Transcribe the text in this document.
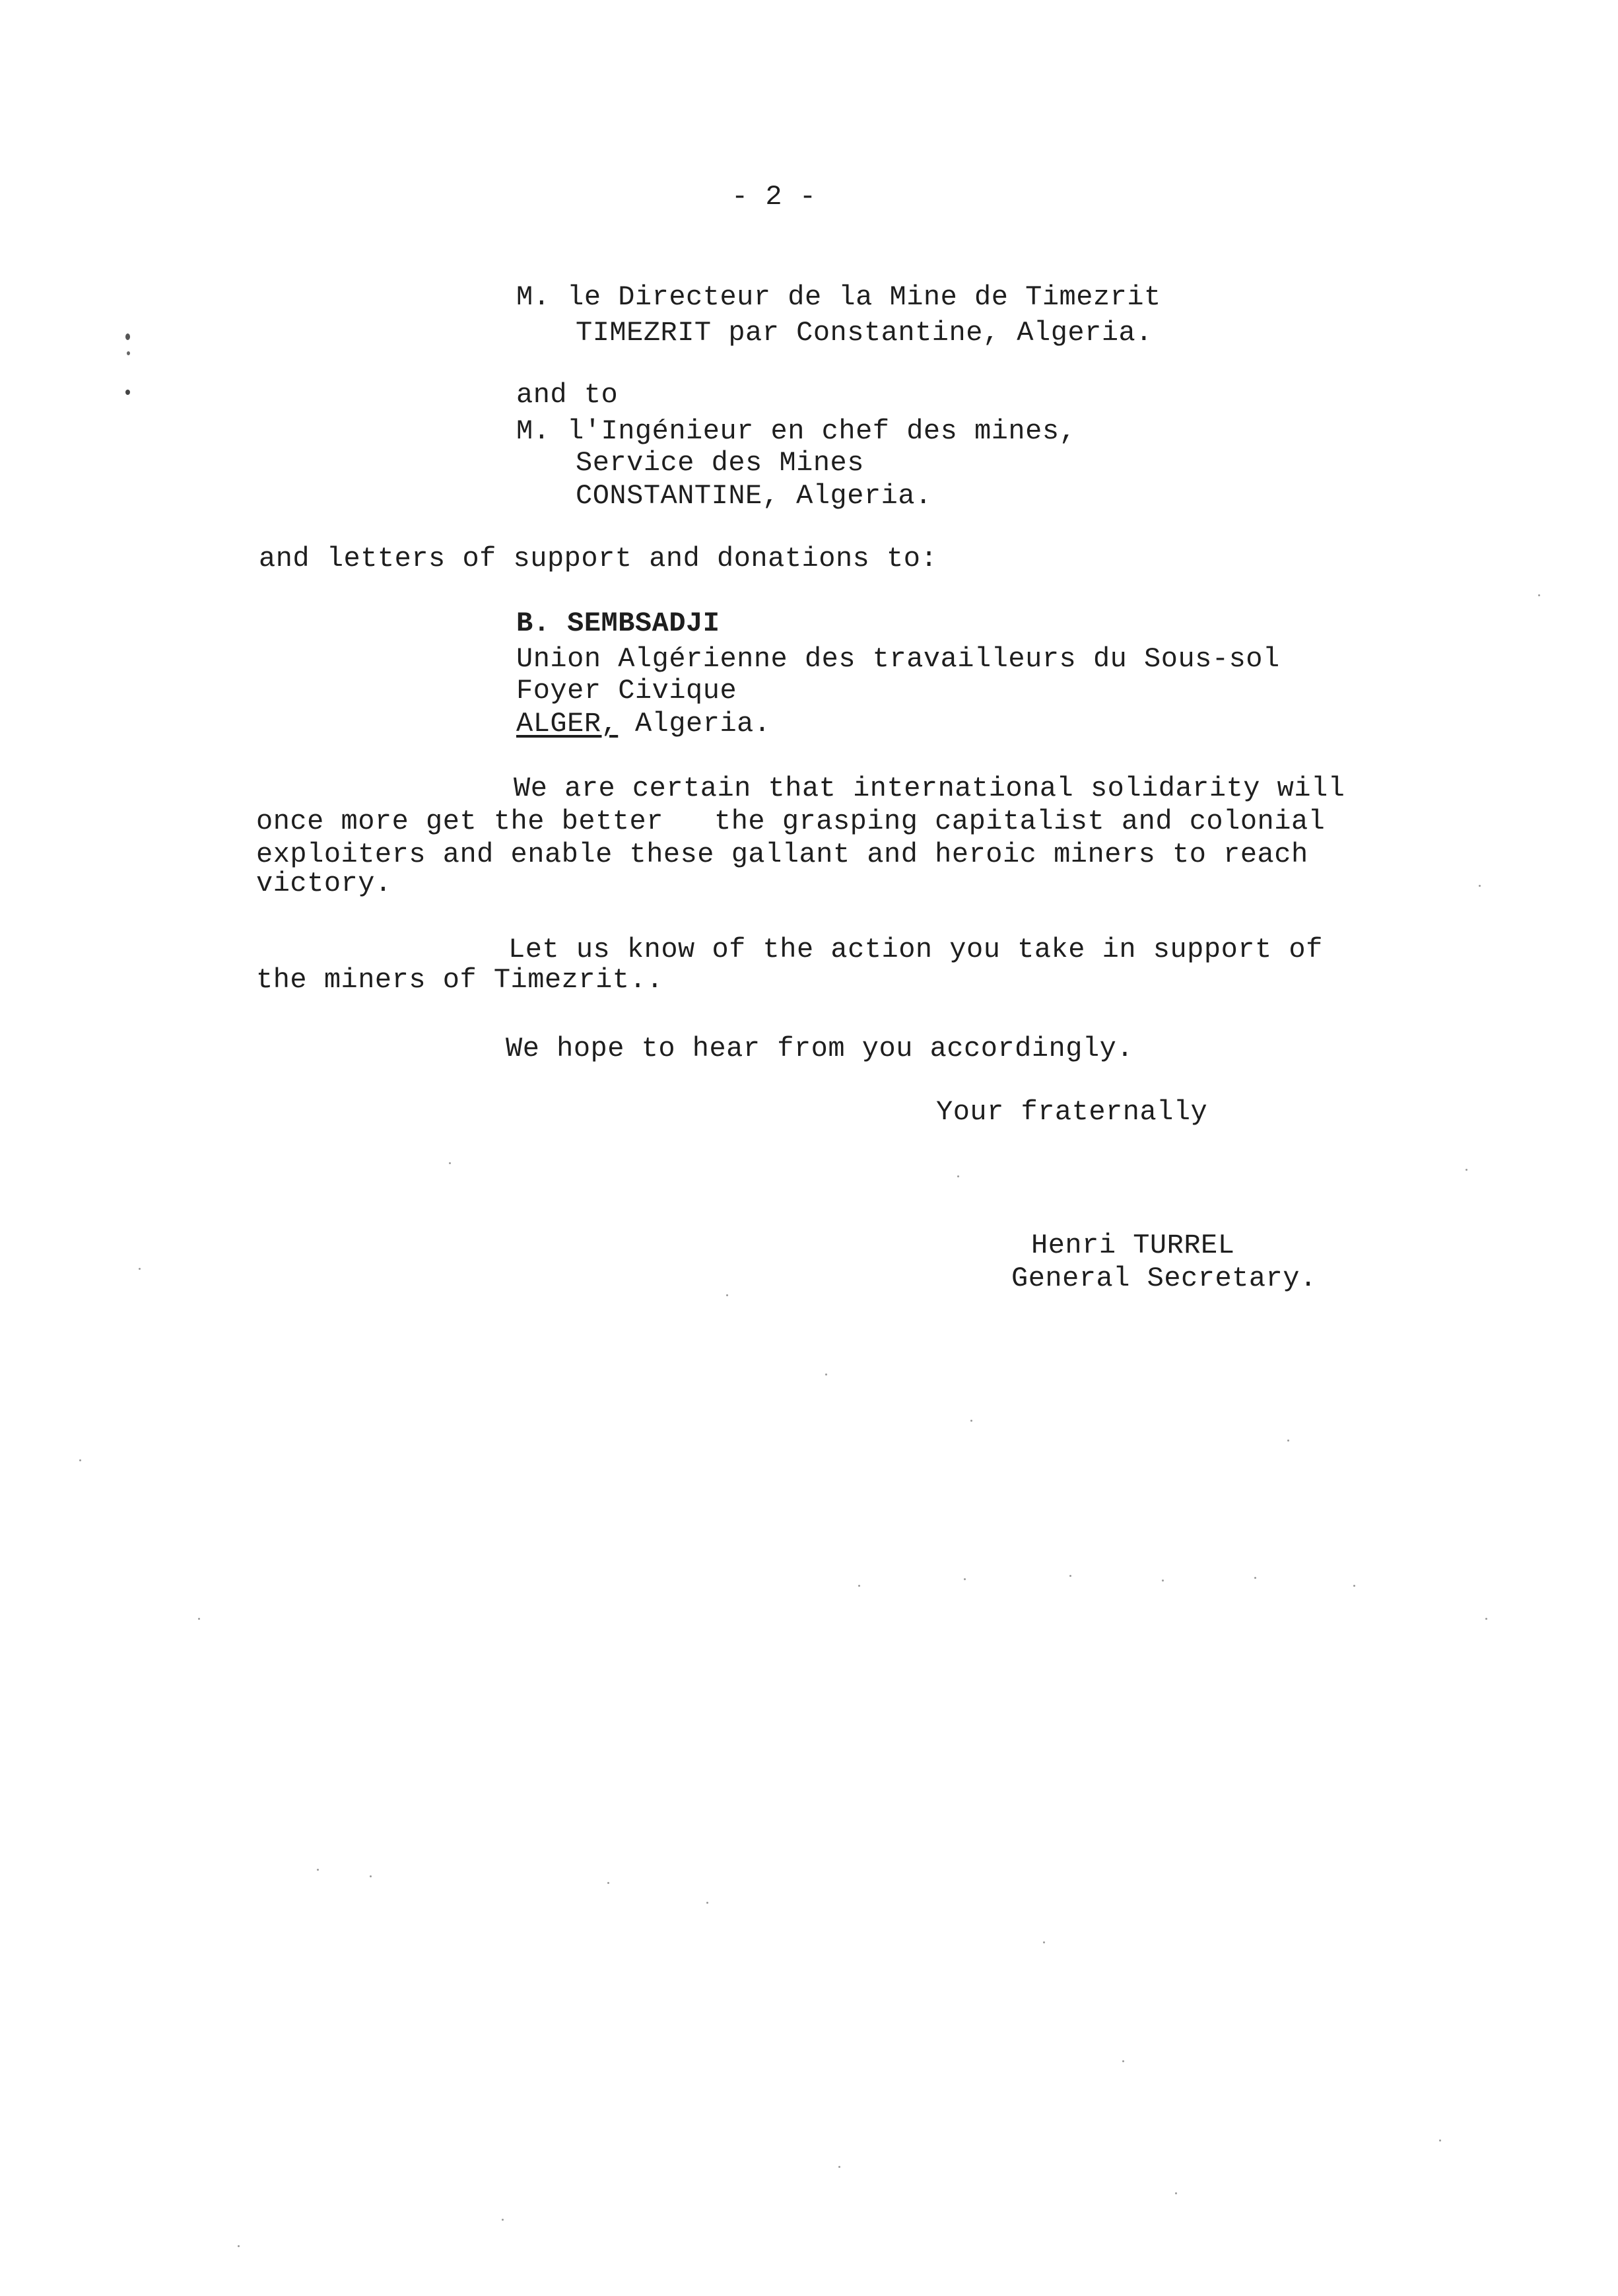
- 2 -
M. le Directeur de la Mine de Timezrit
TIMEZRIT par Constantine, Algeria.
and to
M. l'Ingénieur en chef des mines,
Service des Mines
CONSTANTINE, Algeria.
and letters of support and donations to:
B. SEMBSADJI
Union Algérienne des travailleurs du Sous-sol
Foyer Civique
ALGER, Algeria.
We are certain that international solidarity will
once more get the better   the grasping capitalist and colonial
exploiters and enable these gallant and heroic miners to reach
victory.
Let us know of the action you take in support of
the miners of Timezrit..
We hope to hear from you accordingly.
Your fraternally
Henri TURREL
General Secretary.
